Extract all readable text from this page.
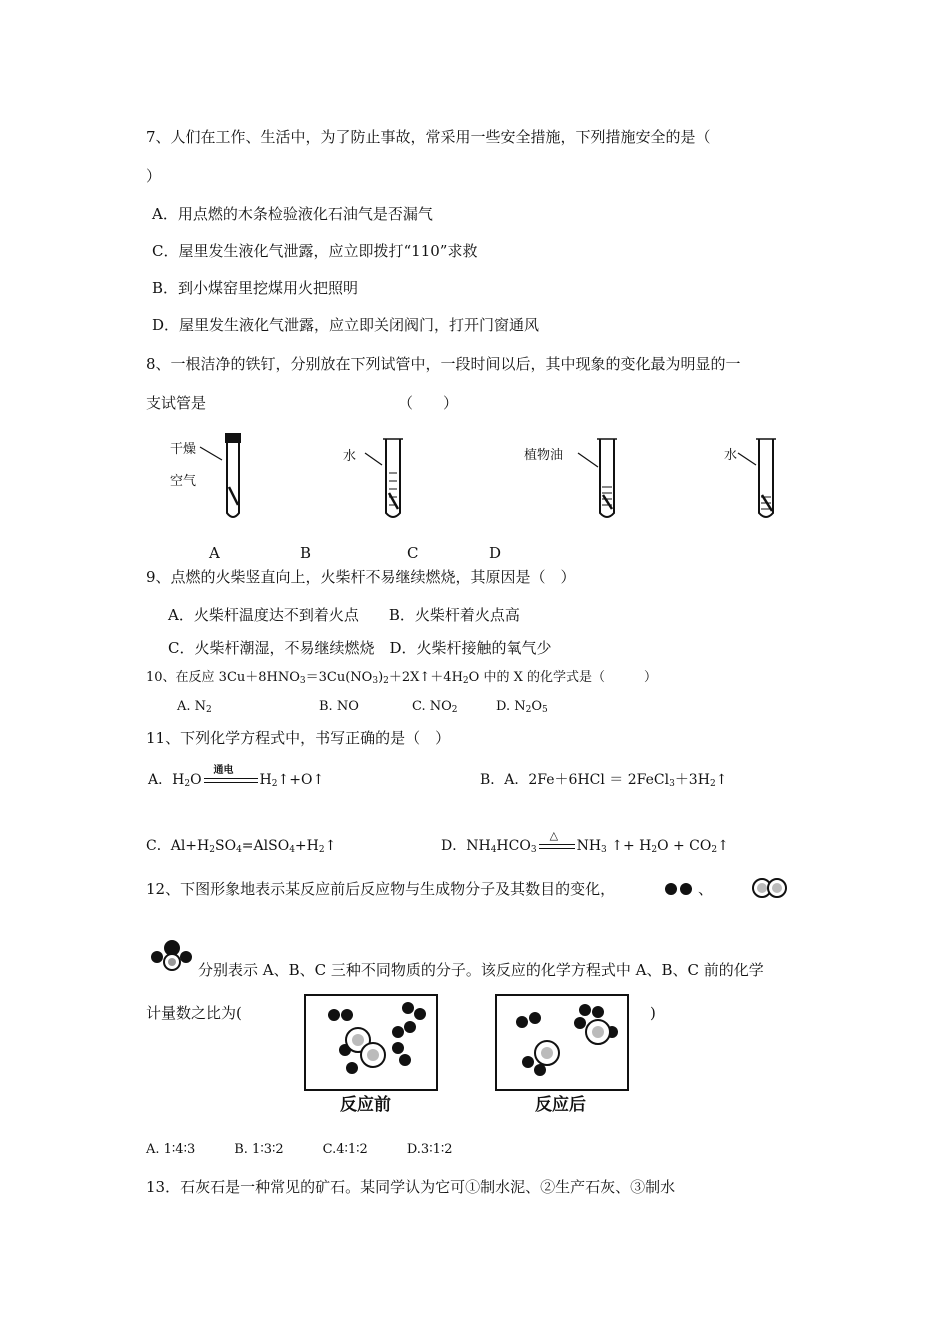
7、人们在工作、生活中，为了防止事故，常采用一些安全措施，下列措施安全的是（
）
A．用点燃的木条检验液化石油气是否漏气
C．屋里发生液化气泄露，应立即拨打“110”求救
B．到小煤窑里挖煤用火把照明
D．屋里发生液化气泄露，应立即关闭阀门，打开门窗通风
8、一根洁净的铁钉，分别放在下列试管中，一段时间以后，其中现象的变化最为明显的一
支试管是	（　　）
干燥
空气
水	植物油	水
A	B	C	D
9、点燃的火柴竖直向上，火柴杆不易继续燃烧，其原因是（　）
A．火柴杆温度达不到着火点　　B．火柴杆着火点高
C．火柴杆潮湿，不易继续燃烧　D．火柴杆接触的氧气少
10、在反应 $3Cu+8HNO_3=3Cu(NO_3)_2+2X↑+4H_2O$ 中的 X 的化学式是（　　　）
A. $N_2$	B. NO	C. $NO_2$	D. $N_2O_5$
11、下列化学方程式中，书写正确的是（　）
A．$H_2O$
通电
$H_2↑+O↑$	B．A．$2Fe+6HCl = 2FeCl_3+3H_2↑$
C．$Al+H_2SO_4=AlSO_4+H_2↑$	D．$NH_4HCO_3$
△
$NH_3$ ↑+ $H_2O$ + $CO_2↑$
12、下图形象地表示某反应前后反应物与生成物分子及其数目的变化，	、
分别表示 A、B、C 三种不同物质的分子。该反应的化学方程式中 A、B、C 前的化学
计量数之比为(	)
反应前	反应后
A. 1∶4∶3　　　B. 1∶3∶2　　　C.4∶1∶2　　　D.3∶1∶2
13．石灰石是一种常见的矿石。某同学认为它可①制水泥、②生产石灰、③制水
